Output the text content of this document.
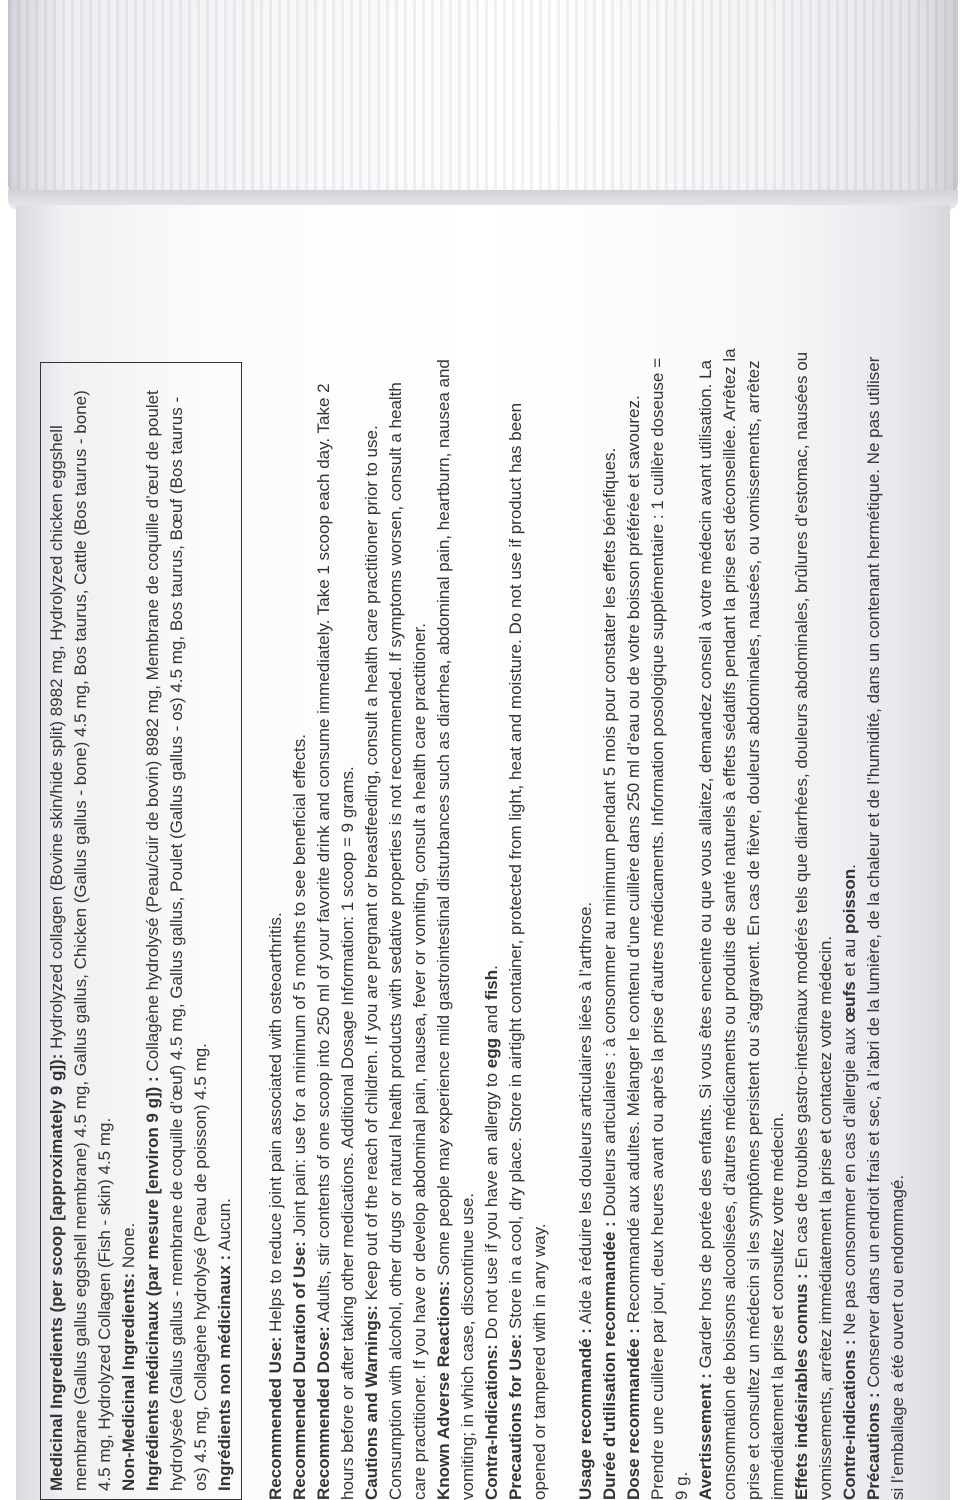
Medicinal Ingredients (per scoop [approximately 9 g]): Hydrolyzed collagen (Bovine skin/hide split) 8982 mg, Hydrolyzed chicken eggshell membrane (Gallus gallus eggshell membrane) 4.5 mg, Gallus gallus, Chicken (Gallus gallus - bone) 4.5 mg, Bos taurus, Cattle (Bos taurus - bone) 4.5 mg, Hydrolyzed Collagen (Fish - skin) 4.5 mg. Non-Medicinal Ingredients: None. Ingrédients médicinaux (par mesure [environ 9 g]) : Collagène hydrolysé (Peau/cuir de bovin) 8982 mg, Membrane de coquille d’œuf de poulet hydrolysée (Gallus gallus - membrane de coquille d’œuf) 4.5 mg, Gallus gallus, Poulet (Gallus gallus - os) 4.5 mg, Bos taurus, Bœuf (Bos taurus - os) 4.5 mg, Collagène hydrolysé (Peau de poisson) 4.5 mg. Ingrédients non médicinaux : Aucun.

Recommended Use: Helps to reduce joint pain associated with osteoarthritis.

Recommended Duration of Use: Joint pain: use for a minimum of 5 months to see beneficial effects.

Recommended Dose: Adults, stir contents of one scoop into 250 ml of your favorite drink and consume immediately. Take 1 scoop each day. Take 2 hours before or after taking other medications. Additional Dosage Information: 1 scoop = 9 grams. Cautions and Warnings: Keep out of the reach of children. If you are pregnant or breastfeeding, consult a health care practitioner prior to use. Consumption with alcohol, other drugs or natural health products with sedative properties is not recommended. If symptoms worsen, consult a health care practitioner. If you have or develop abdominal pain, nausea, fever or vomiting, consult a health care practitioner. Known Adverse Reactions: Some people may experience mild gastrointestinal disturbances such as diarrhea, abdominal pain, heartburn, nausea and vomiting; in which case, discontinue use. Contra-Indications: Do not use if you have an allergy to egg and fish.

Precautions for Use: Store in a cool, dry place. Store in airtight container, protected from light, heat and moisture. Do not use if product has been opened or tampered with in any way. Usage recommandé : Aide à réduire les douleurs articulaires liées à l’arthrose.

Durée d’utilisation recommandée : Douleurs articulaires : à consommer au minimum pendant 5 mois pour constater les effets bénéfiques.

Dose recommandée : Recommandé aux adultes. Mélanger le contenu d’une cuillère dans 250 ml d’eau ou de votre boisson préférée et savourez. Prendre une cuillère par jour, deux heures avant ou après la prise d’autres médicaments. Information posologique supplémentaire : 1 cuillère doseuse = 9 g. Avertissement : Garder hors de portée des enfants. Si vous êtes enceinte ou que vous allaitez, demandez conseil à votre médecin avant utilisation. La consommation de boissons alcoolisées, d’autres médicaments ou produits de santé naturels à effets sédatifs pendant la prise est déconseillée. Arrêtez la prise et consultez un médecin si les symptômes persistent ou s’aggravent. En cas de fièvre, douleurs abdominales, nausées, ou vomissements, arrêtez immédiatement la prise et consultez votre médecin. Effets indésirables connus : En cas de troubles gastro-intestinaux modérés tels que diarrhées, douleurs abdominales, brûlures d’estomac, nausées ou vomissements, arrêtez immédiatement la prise et contactez votre médecin. Contre-indications : Ne pas consommer en cas d’allergie aux œufs et au poisson.

Précautions : Conserver dans un endroit frais et sec, à l’abri de la lumière, de la chaleur et de l’humidité, dans un contenant hermétique. Ne pas utiliser si l’emballage a été ouvert ou endommagé.
